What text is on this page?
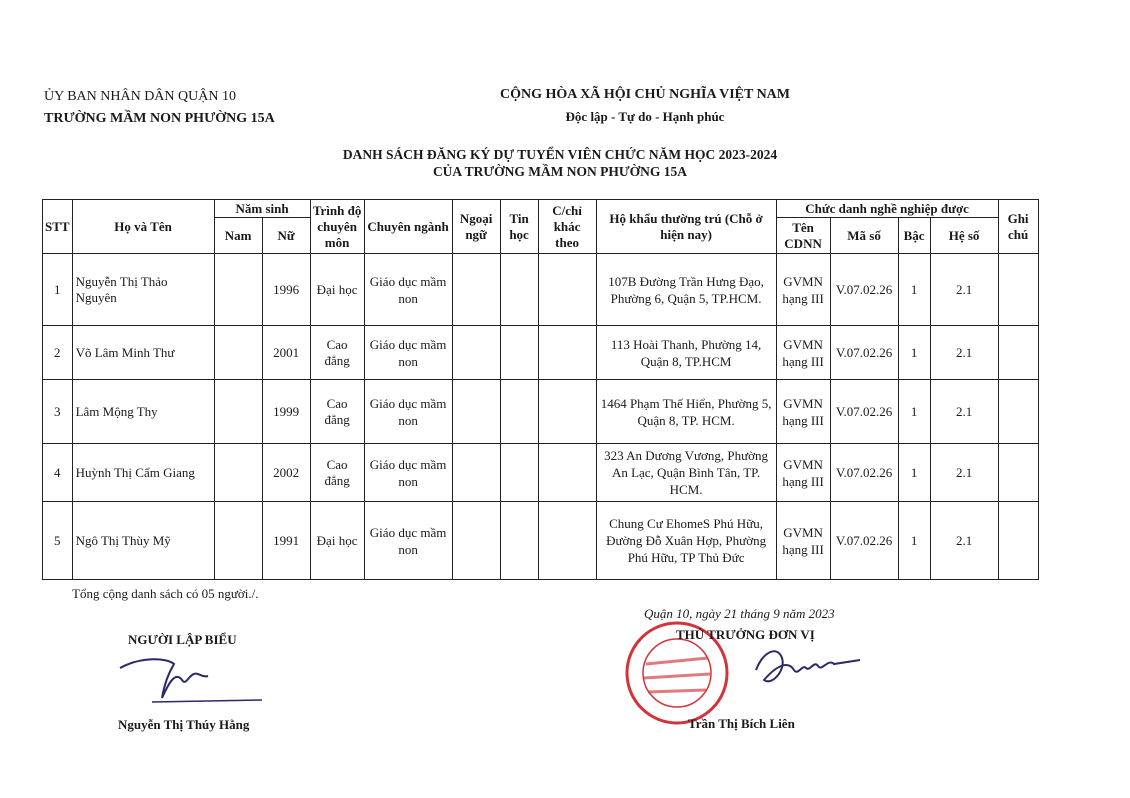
ỦY BAN NHÂN DÂN QUẬN 10
TRƯỜNG MẦM NON PHƯỜNG 15A
CỘNG HÒA XÃ HỘI CHỦ NGHĨA VIỆT NAM
Độc lập - Tự do - Hạnh phúc
DANH SÁCH ĐĂNG KÝ DỰ TUYỂN VIÊN CHỨC NĂM HỌC 2023-2024
CỦA TRƯỜNG MẦM NON PHƯỜNG 15A
STT	Họ và Tên	Năm sinh		Trình độ chuyên môn	Chuyên ngành	Ngoại ngữ	Tin học	C/chỉ khác theo	Hộ khẩu thường trú (Chỗ ở hiện nay)	Chức danh nghề nghiệp được				Ghi chú
		Nam	Nữ							Tên CDNN	Mã số	Bậc	Hệ số	
1	Nguyễn Thị Thảo Nguyên		1996	Đại học	Giáo dục mầm non				107B Đường Trần Hưng Đạo, Phường 6, Quận 5, TP.HCM.	GVMN hạng III	V.07.02.26	1	2.1	
2	Võ Lâm Minh Thư		2001	Cao đẳng	Giáo dục mầm non				113 Hoài Thanh, Phường 14, Quận 8, TP.HCM	GVMN hạng III	V.07.02.26	1	2.1	
3	Lâm Mộng Thy		1999	Cao đẳng	Giáo dục mầm non				1464 Phạm Thế Hiển, Phường 5, Quận 8, TP. HCM.	GVMN hạng III	V.07.02.26	1	2.1	
4	Huỳnh Thị Cẩm Giang		2002	Cao đẳng	Giáo dục mầm non				323 An Dương Vương, Phường An Lạc, Quận Bình Tân, TP. HCM.	GVMN hạng III	V.07.02.26	1	2.1	
5	Ngô Thị Thùy Mỹ		1991	Đại học	Giáo dục mầm non				Chung Cư EhomeS Phú Hữu, Đường Đỗ Xuân Hợp, Phường Phú Hữu, TP Thủ Đức	GVMN hạng III	V.07.02.26	1	2.1	
Tổng cộng danh sách có 05 người./.
Quận 10, ngày 21 tháng 9 năm 2023
NGƯỜI LẬP BIỂU
Nguyễn Thị Thúy Hằng
THỦ TRƯỞNG ĐƠN VỊ
Trần Thị Bích Liên
